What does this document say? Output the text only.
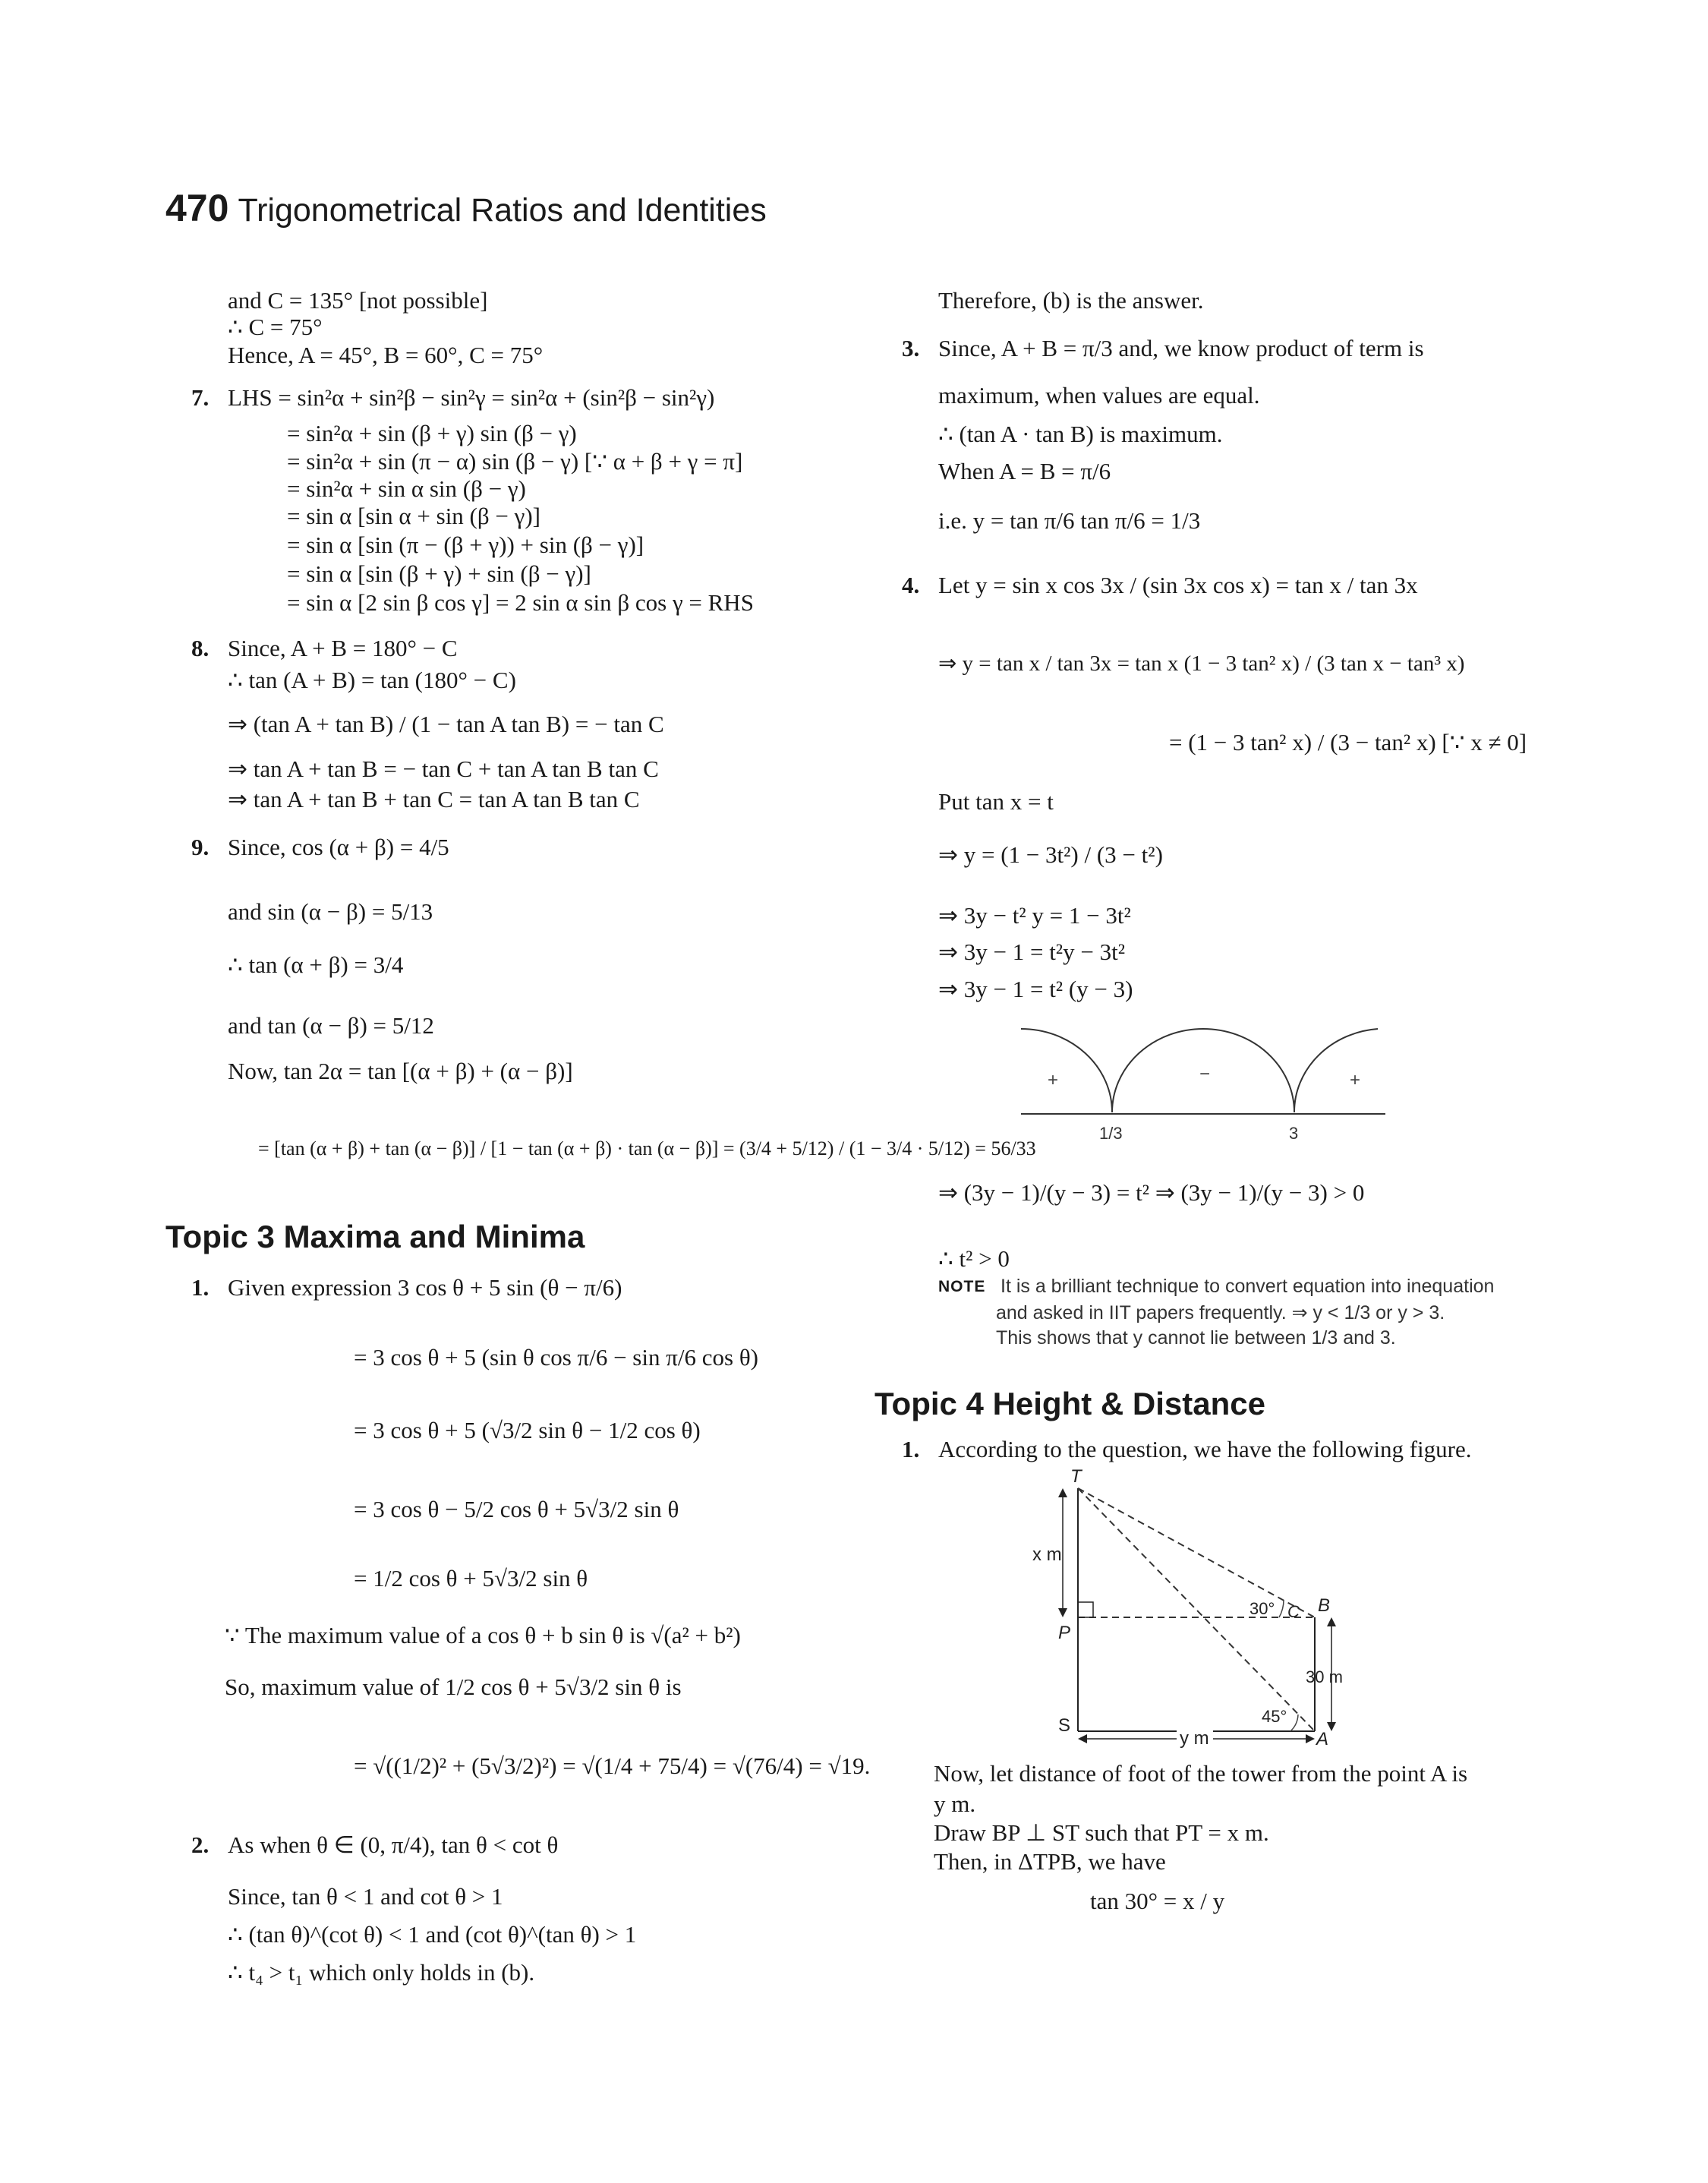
470 Trigonometrical Ratios and Identities
and C = 135° [not possible]
∴ C = 75°
Hence, A = 45°, B = 60°, C = 75°
7. LHS = sin²α + sin²β − sin²γ = sin²α + (sin²β − sin²γ)
= sin²α + sin (β + γ) sin (β − γ)
= sin²α + sin (π − α) sin (β − γ) [∵ α + β + γ = π]
= sin²α + sin α sin (β − γ)
= sin α [sin α + sin (β − γ)]
= sin α [sin (π − (β + γ)) + sin (β − γ)]
= sin α [sin (β + γ) + sin (β − γ)]
= sin α [2 sin β cos γ] = 2 sin α sin β cos γ = RHS
8. Since, A + B = 180° − C
∴ tan (A + B) = tan (180° − C)
⇒ (tan A + tan B) / (1 − tan A tan B) = − tan C
⇒ tan A + tan B = − tan C + tan A tan B tan C
⇒ tan A + tan B + tan C = tan A tan B tan C
9. Since, cos (α + β) = 4/5
and sin (α − β) = 5/13
∴ tan (α + β) = 3/4
and tan (α − β) = 5/12
Now, tan 2α = tan [(α + β) + (α − β)]
= [tan (α + β) + tan (α − β)] / [1 − tan (α + β) · tan (α − β)] = (3/4 + 5/12) / (1 − 3/4 · 5/12) = 56/33
Topic 3 Maxima and Minima
1. Given expression 3 cos θ + 5 sin (θ − π/6)
= 3 cos θ + 5 (sin θ cos π/6 − sin π/6 cos θ)
= 3 cos θ + 5 (√3/2 sin θ − 1/2 cos θ)
= 3 cos θ − 5/2 cos θ + 5√3/2 sin θ
= 1/2 cos θ + 5√3/2 sin θ
∵ The maximum value of a cos θ + b sin θ is √(a² + b²)
So, maximum value of 1/2 cos θ + 5√3/2 sin θ is
= √((1/2)² + (5√3/2)²) = √(1/4 + 75/4) = √(76/4) = √19.
2. As when θ ∈ (0, π/4), tan θ < cot θ
Since, tan θ < 1 and cot θ > 1
∴ (tan θ)^(cot θ) < 1 and (cot θ)^(tan θ) > 1
∴ t₄ > t₁ which only holds in (b).
Therefore, (b) is the answer.
3. Since, A + B = π/3 and, we know product of term is
maximum, when values are equal.
∴ (tan A · tan B) is maximum.
When A = B = π/6
i.e. y = tan π/6 tan π/6 = 1/3
4. Let y = sin x cos 3x / (sin 3x cos x) = tan x / tan 3x
⇒ y = tan x / tan 3x = tan x (1 − 3 tan² x) / (3 tan x − tan³ x)
= (1 − 3 tan² x) / (3 − tan² x) [∵ x ≠ 0]
Put tan x = t
⇒ y = (1 − 3t²) / (3 − t²)
⇒ 3y − t² y = 1 − 3t²
⇒ 3y − 1 = t²y − 3t²
⇒ 3y − 1 = t² (y − 3)
+	−	+
1/3	3
⇒ (3y − 1)/(y − 3) = t² ⇒ (3y − 1)/(y − 3) > 0
∴ t² > 0
NOTE It is a brilliant technique to convert equation into inequation
and asked in IIT papers frequently. ⇒ y < 1/3 or y > 3.
This shows that y cannot lie between 1/3 and 3.
Topic 4 Height & Distance
1. According to the question, we have the following figure.
T
x m
P
S
30° C B
30 m
45°
A
y m
Now, let distance of foot of the tower from the point A is
y m.
Draw BP ⊥ ST such that PT = x m.
Then, in ΔTPB, we have
tan 30° = x / y
